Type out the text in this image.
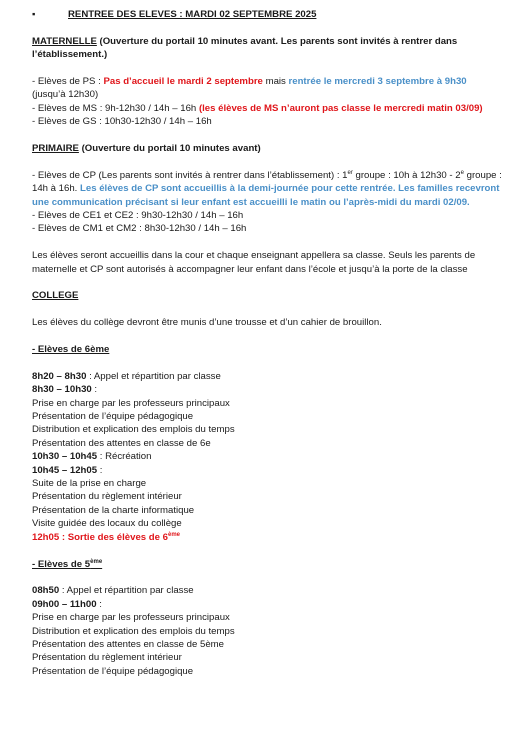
▪	RENTREE DES ELEVES : MARDI 02 SEPTEMBRE 2025

MATERNELLE (Ouverture du portail 10 minutes avant. Les parents sont invités à rentrer dans l’établissement.)

- Elèves de PS : Pas d’accueil le mardi 2 septembre mais rentrée le mercredi 3 septembre à 9h30 (jusqu’à 12h30)

- Elèves de MS : 9h-12h30 / 14h – 16h (les élèves de MS n’auront pas classe le mercredi matin 03/09)

- Elèves de GS : 10h30-12h30 / 14h – 16h

PRIMAIRE (Ouverture du portail 10 minutes avant)

- Elèves de CP (Les parents sont invités à rentrer dans l’établissement) : 1er groupe : 10h à 12h30 - 2e groupe : 14h à 16h. Les élèves de CP sont accueillis à la demi-journée pour cette rentrée. Les familles recevront une communication précisant si leur enfant est accueilli le matin ou l’après-midi du mardi 02/09.

- Elèves de CE1 et CE2 : 9h30-12h30 / 14h – 16h

- Elèves de CM1 et CM2 : 8h30-12h30 / 14h – 16h

Les élèves seront accueillis dans la cour et chaque enseignant appellera sa classe. Seuls les parents de maternelle et CP sont autorisés à accompagner leur enfant dans l’école et jusqu’à la porte de la classe

COLLEGE

Les élèves du collège devront être munis d’une trousse et d’un cahier de brouillon.

- Elèves de 6ème

8h20 – 8h30 : Appel et répartition par classe

8h30 – 10h30 :

Prise en charge par les professeurs principaux

Présentation de l’équipe pédagogique

Distribution et explication des emplois du temps

Présentation des attentes en classe de 6e

10h30 – 10h45 : Récréation

10h45 – 12h05 :

Suite de la prise en charge

Présentation du règlement intérieur

Présentation de la charte informatique

Visite guidée des locaux du collège

12h05 : Sortie des élèves de 6ème

- Elèves de 5ème

08h50 : Appel et répartition par classe

09h00 – 11h00 :

Prise en charge par les professeurs principaux

Distribution et explication des emplois du temps

Présentation des attentes en classe de 5ème

Présentation du règlement intérieur

Présentation de l’équipe pédagogique
